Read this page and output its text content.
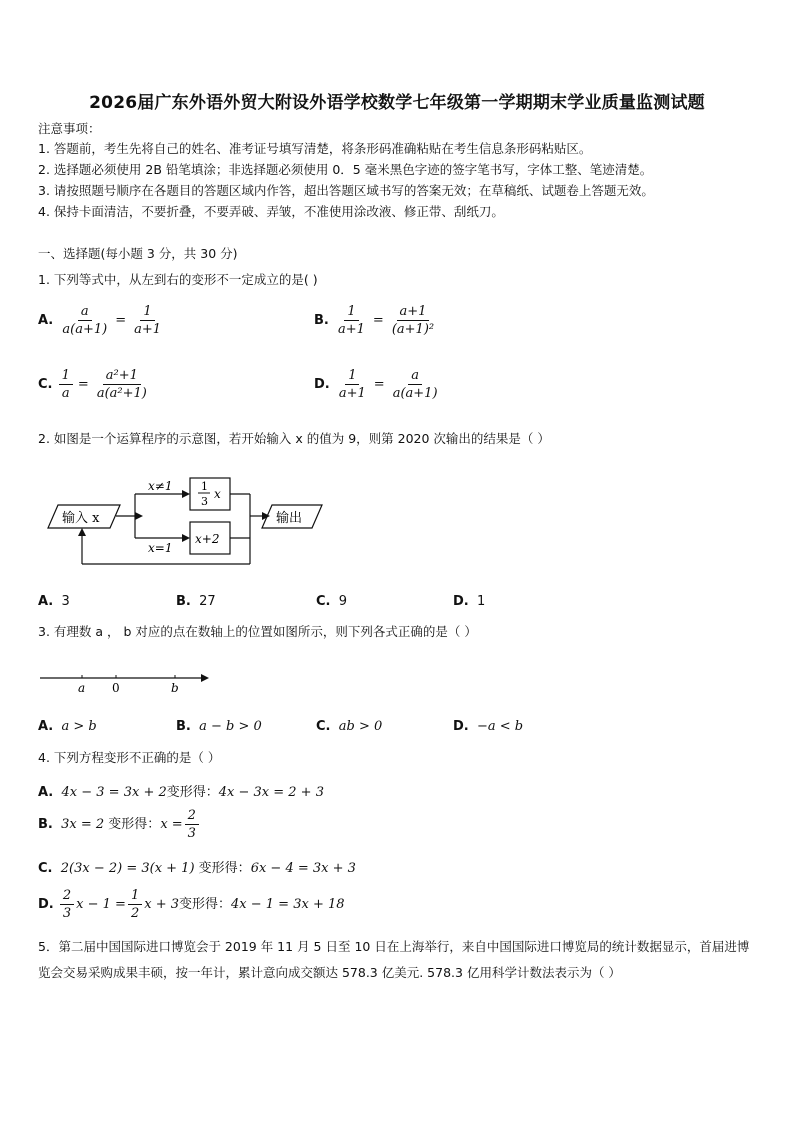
2026届广东外语外贸大附设外语学校数学七年级第一学期期末学业质量监测试题
注意事项：
1. 答题前，考生先将自己的姓名、准考证号填写清楚，将条形码准确粘贴在考生信息条形码粘贴区。
2. 选择题必须使用 2B 铅笔填涂；非选择题必须使用 0．5 毫米黑色字迹的签字笔书写，字体工整、笔迹清楚。
3. 请按照题号顺序在各题目的答题区域内作答，超出答题区域书写的答案无效；在草稿纸、试题卷上答题无效。
4. 保持卡面清洁，不要折叠，不要弄破、弄皱，不准使用涂改液、修正带、刮纸刀。
一、选择题(每小题 3 分，共 30 分)
1. 下列等式中，从左到右的变形不一定成立的是( )
A. $\frac{a}{a(a+1)} = \frac{1}{a+1}$	B. $\frac{1}{a+1} = \frac{a+1}{\text{(a+1)²}}$
C. $\frac{1}{a} = \frac{\text{a²+1}}{\text{a(a²+1)}}$	D. $\frac{1}{a+1} = \frac{a}{a(a+1)}$
2. 如图是一个运算程序的示意图，若开始输入 x 的值为 9，则第 2020 次输出的结果是（ ）
输入 x
x≠1	1
3
x
x=1
x+2
输出
A. 3	B. 27	C. 9	D. 1
3. 有理数 a ， b 对应的点在数轴上的位置如图所示，则下列各式正确的是（ ）
a 0	b
A. a > b	B. a − b > 0	C. ab > 0	D. −a < b
4. 下列方程变形不正确的是（ ）
A. 4x − 3 = 3x + 2变形得：4x − 3x = 2 + 3
B. 3x = 2 变形得：$x = \frac{2}{3}$
C. 2(3x − 2) = 3(x + 1) 变形得：6x − 4 = 3x + 3
D. $\frac{2}{3}$ $x - 1 = \frac{1}{2}$ x + 3变形得：4x − 1 = 3x + 18
5．第二届中国国际进口博览会于 2019 年 11 月 5 日至 10 日在上海举行，来自中国国际进口博览局的统计数据显示，首届进博览会交易采购成果丰硕，按一年计，累计意向成交额达 578.3 亿美元. 578.3 亿用科学计数法表示为（ ）
